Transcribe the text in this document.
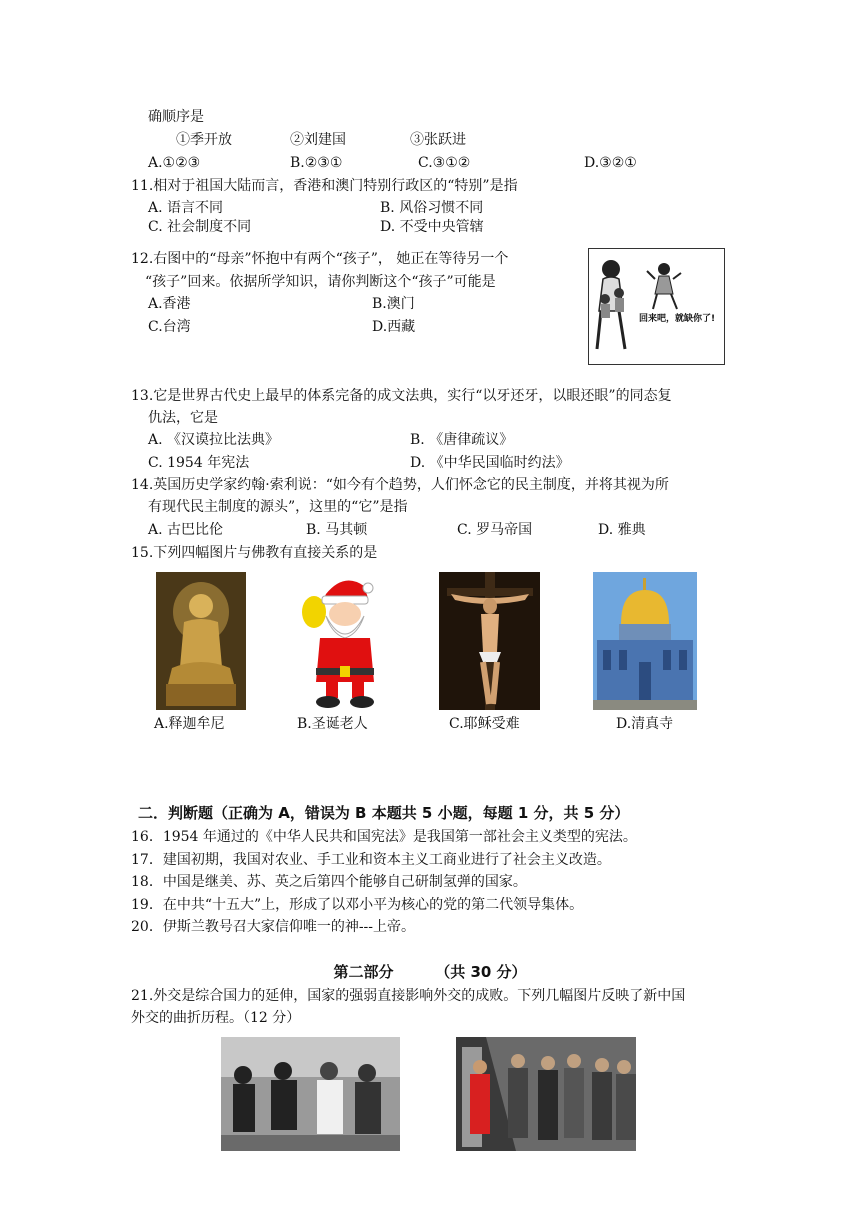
确顺序是
①季开放	②刘建国	③张跃进
A.①②③	B.②③①	C.③①②	D.③②①
11.相对于祖国大陆而言，香港和澳门特别行政区的“特别”是指
A. 语言不同	B. 风俗习惯不同
C. 社会制度不同	D. 不受中央管辖
12.右图中的“母亲”怀抱中有两个“孩子”， 她正在等待另一个
“孩子”回来。依据所学知识，请你判断这个“孩子”可能是
A.香港	B.澳门
C.台湾	D.西藏	回来吧，就缺你了!
13.它是世界古代史上最早的体系完备的成文法典，实行“以牙还牙，以眼还眼”的同态复
仇法，它是
A. 《汉谟拉比法典》	B. 《唐律疏议》
C. 1954 年宪法	D. 《中华民国临时约法》
14.英国历史学家约翰·索利说：“如今有个趋势，人们怀念它的民主制度，并将其视为所
有现代民主制度的源头”，这里的“它”是指
A. 古巴比伦	B. 马其顿	C. 罗马帝国	D. 雅典
15.下列四幅图片与佛教有直接关系的是
A.释迦牟尼	B.圣诞老人	C.耶稣受难	D.清真寺
二．判断题（正确为 A，错误为 B 本题共 5 小题，每题 1 分，共 5 分）
16．1954 年通过的《中华人民共和国宪法》是我国第一部社会主义类型的宪法。
17．建国初期，我国对农业、手工业和资本主义工商业进行了社会主义改造。
18．中国是继美、苏、英之后第四个能够自己研制氢弹的国家。
19．在中共“十五大”上，形成了以邓小平为核心的党的第二代领导集体。
20．伊斯兰教号召大家信仰唯一的神---上帝。
第二部分        （共 30 分）
21.外交是综合国力的延伸，国家的强弱直接影响外交的成败。下列几幅图片反映了新中国
外交的曲折历程。（12 分）
